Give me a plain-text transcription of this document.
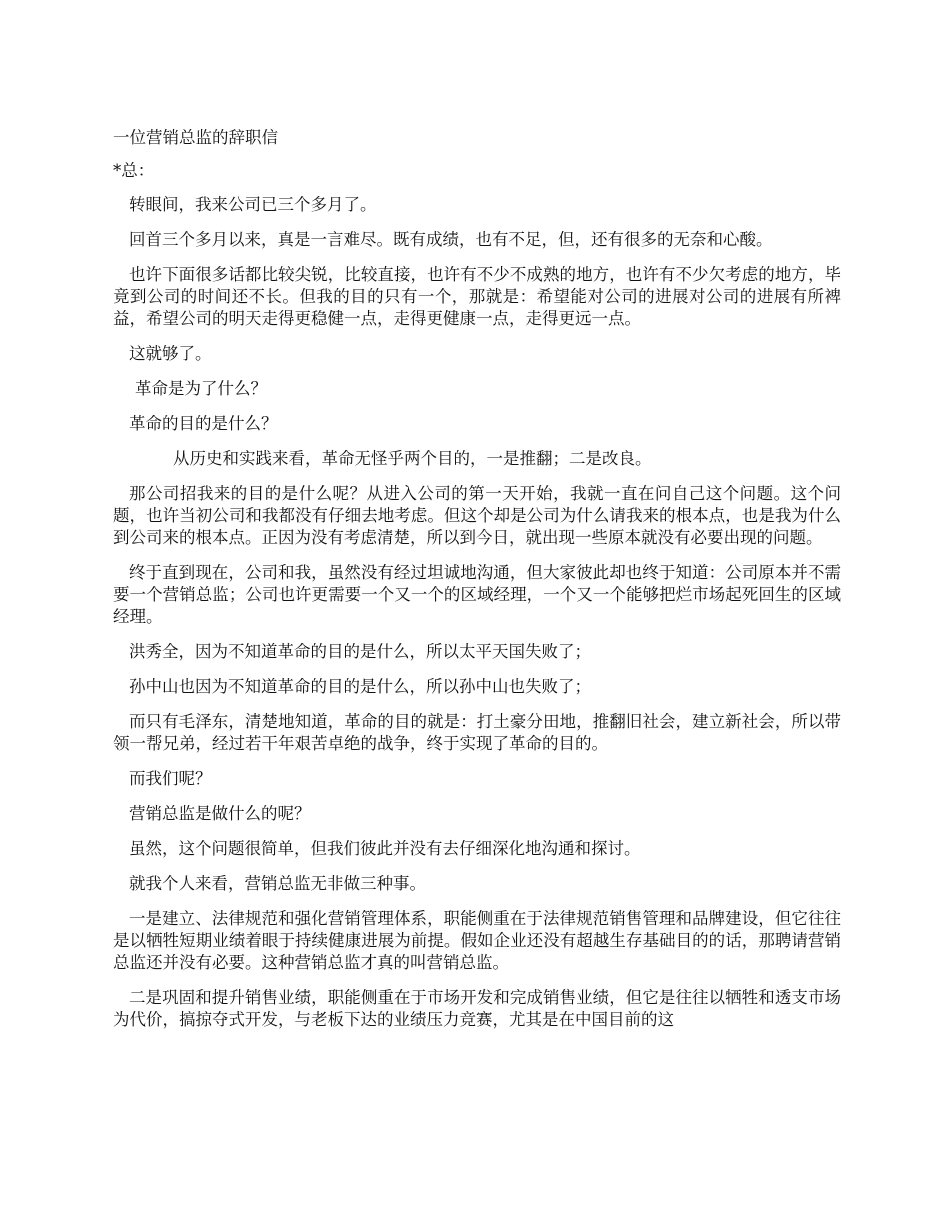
一位营销总监的辞职信

*总：

转眼间，我来公司已三个多月了。

回首三个多月以来，真是一言难尽。既有成绩，也有不足，但，还有很多的无奈和心酸。

也许下面很多话都比较尖锐，比较直接，也许有不少不成熟的地方，也许有不少欠考虑的地方，毕竟到公司的时间还不长。但我的目的只有一个，那就是：希望能对公司的进展对公司的进展有所裨益，希望公司的明天走得更稳健一点，走得更健康一点，走得更远一点。

这就够了。

革命是为了什么？

革命的目的是什么？

从历史和实践来看，革命无怪乎两个目的，一是推翻；二是改良。

那公司招我来的目的是什么呢？从进入公司的第一天开始，我就一直在问自己这个问题。这个问题，也许当初公司和我都没有仔细去地考虑。但这个却是公司为什么请我来的根本点，也是我为什么到公司来的根本点。正因为没有考虑清楚，所以到今日，就出现一些原本就没有必要出现的问题。

终于直到现在，公司和我，虽然没有经过坦诚地沟通，但大家彼此却也终于知道：公司原本并不需要一个营销总监；公司也许更需要一个又一个的区域经理，一个又一个能够把烂市场起死回生的区域经理。

洪秀全，因为不知道革命的目的是什么，所以太平天国失败了；

孙中山也因为不知道革命的目的是什么，所以孙中山也失败了；

而只有毛泽东，清楚地知道，革命的目的就是：打土豪分田地，推翻旧社会，建立新社会，所以带领一帮兄弟，经过若干年艰苦卓绝的战争，终于实现了革命的目的。

而我们呢？

营销总监是做什么的呢？

虽然，这个问题很简单，但我们彼此并没有去仔细深化地沟通和探讨。

就我个人来看，营销总监无非做三种事。

一是建立、法律规范和强化营销管理体系，职能侧重在于法律规范销售管理和品牌建设，但它往往是以牺牲短期业绩着眼于持续健康进展为前提。假如企业还没有超越生存基础目的的话，那聘请营销总监还并没有必要。这种营销总监才真的叫营销总监。

二是巩固和提升销售业绩，职能侧重在于市场开发和完成销售业绩，但它是往往以牺牲和透支市场为代价，搞掠夺式开发，与老板下达的业绩压力竞赛，尤其是在中国目前的这
